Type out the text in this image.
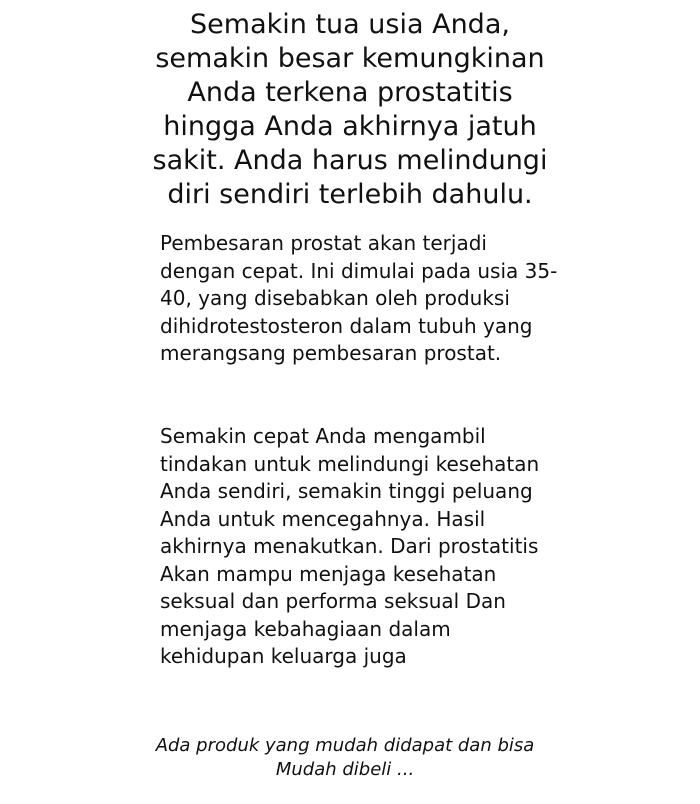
Semakin tua usia Anda, semakin besar kemungkinan Anda terkena prostatitis hingga Anda akhirnya jatuh sakit. Anda harus melindungi diri sendiri terlebih dahulu.

Pembesaran prostat akan terjadi dengan cepat. Ini dimulai pada usia 35-40, yang disebabkan oleh produksi dihidrotestosteron dalam tubuh yang merangsang pembesaran prostat.

Semakin cepat Anda mengambil tindakan untuk melindungi kesehatan Anda sendiri, semakin tinggi peluang Anda untuk mencegahnya. Hasil akhirnya menakutkan. Dari prostatitis Akan mampu menjaga kesehatan seksual dan performa seksual Dan menjaga kebahagiaan dalam kehidupan keluarga juga

Ada produk yang mudah didapat dan bisa Mudah dibeli ...
